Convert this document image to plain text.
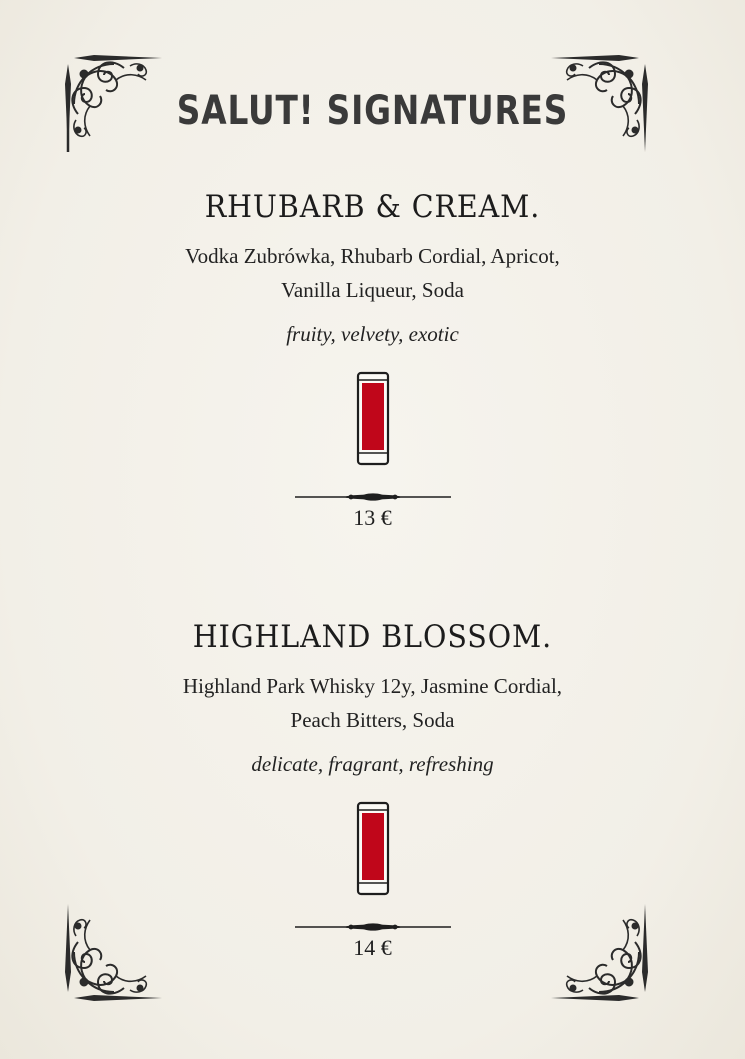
SALUT! SIGNATURES
RHUBARB & CREAM.
Vodka Zubrówka, Rhubarb Cordial, Apricot,
Vanilla Liqueur, Soda
fruity, velvety, exotic
13 €
HIGHLAND BLOSSOM.
Highland Park Whisky 12y, Jasmine Cordial,
Peach Bitters, Soda
delicate, fragrant, refreshing
14 €
